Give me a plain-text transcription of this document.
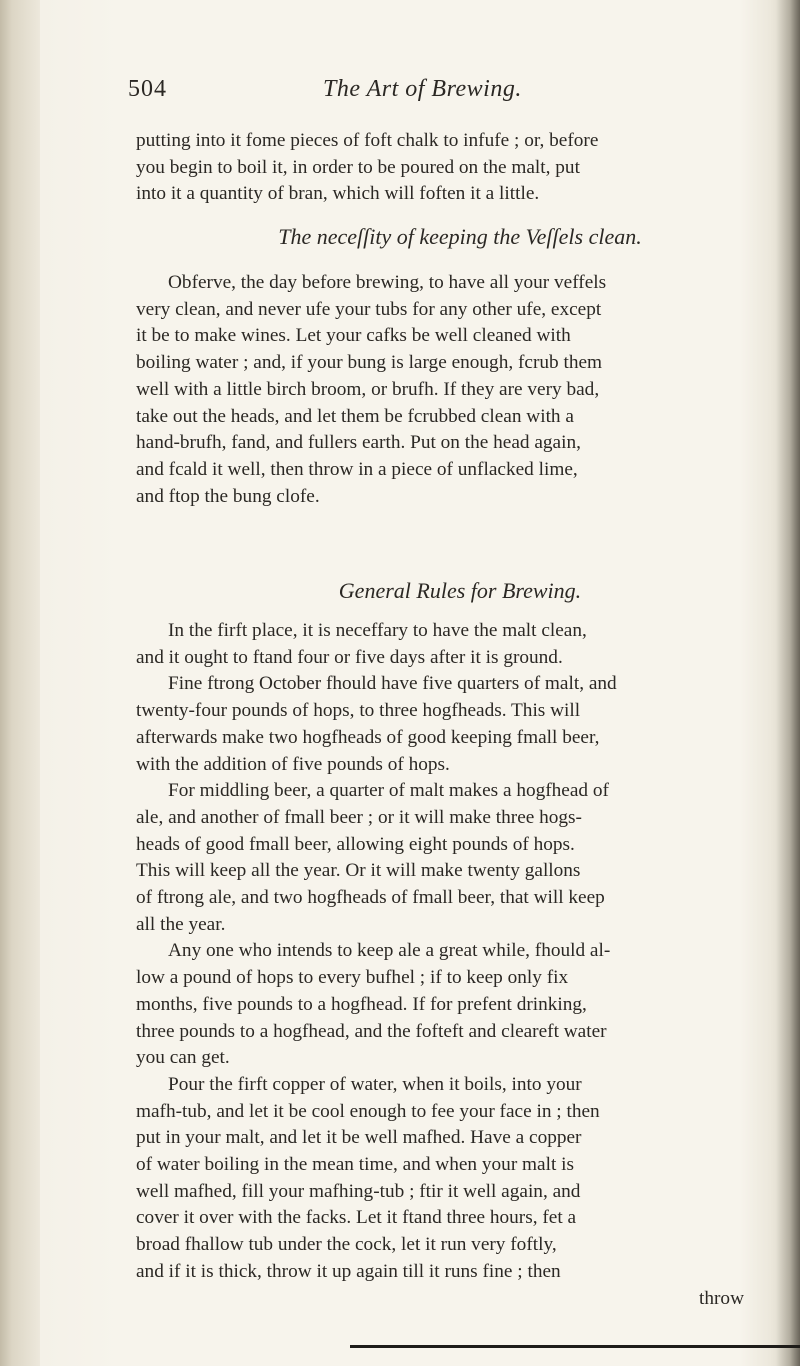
504	The Art of Brewing.
putting into it fome pieces of foft chalk to infufe ; or, before
you begin to boil it, in order to be poured on the malt, put
into it a quantity of bran, which will foften it a little.
The neceſſity of keeping the Veſſels clean.
Obferve, the day before brewing, to have all your veffels
very clean, and never ufe your tubs for any other ufe, except
it be to make wines. Let your cafks be well cleaned with
boiling water ; and, if your bung is large enough, fcrub them
well with a little birch broom, or brufh. If they are very bad,
take out the heads, and let them be fcrubbed clean with a
hand-brufh, fand, and fullers earth. Put on the head again,
and fcald it well, then throw in a piece of unflacked lime,
and ftop the bung clofe.
General Rules for Brewing.
In the firft place, it is neceffary to have the malt clean,
and it ought to ftand four or five days after it is ground.
Fine ftrong October fhould have five quarters of malt, and
twenty-four pounds of hops, to three hogfheads. This will
afterwards make two hogfheads of good keeping fmall beer,
with the addition of five pounds of hops.
For middling beer, a quarter of malt makes a hogfhead of
ale, and another of fmall beer ; or it will make three hogs-
heads of good fmall beer, allowing eight pounds of hops.
This will keep all the year. Or it will make twenty gallons
of ftrong ale, and two hogfheads of fmall beer, that will keep
all the year.
Any one who intends to keep ale a great while, fhould al-
low a pound of hops to every bufhel ; if to keep only fix
months, five pounds to a hogfhead. If for prefent drinking,
three pounds to a hogfhead, and the fofteft and cleareft water
you can get.
Pour the firft copper of water, when it boils, into your
mafh-tub, and let it be cool enough to fee your face in ; then
put in your malt, and let it be well mafhed. Have a copper
of water boiling in the mean time, and when your malt is
well mafhed, fill your mafhing-tub ; ftir it well again, and
cover it over with the facks. Let it ftand three hours, fet a
broad fhallow tub under the cock, let it run very foftly,
and if it is thick, throw it up again till it runs fine ; then
throw
